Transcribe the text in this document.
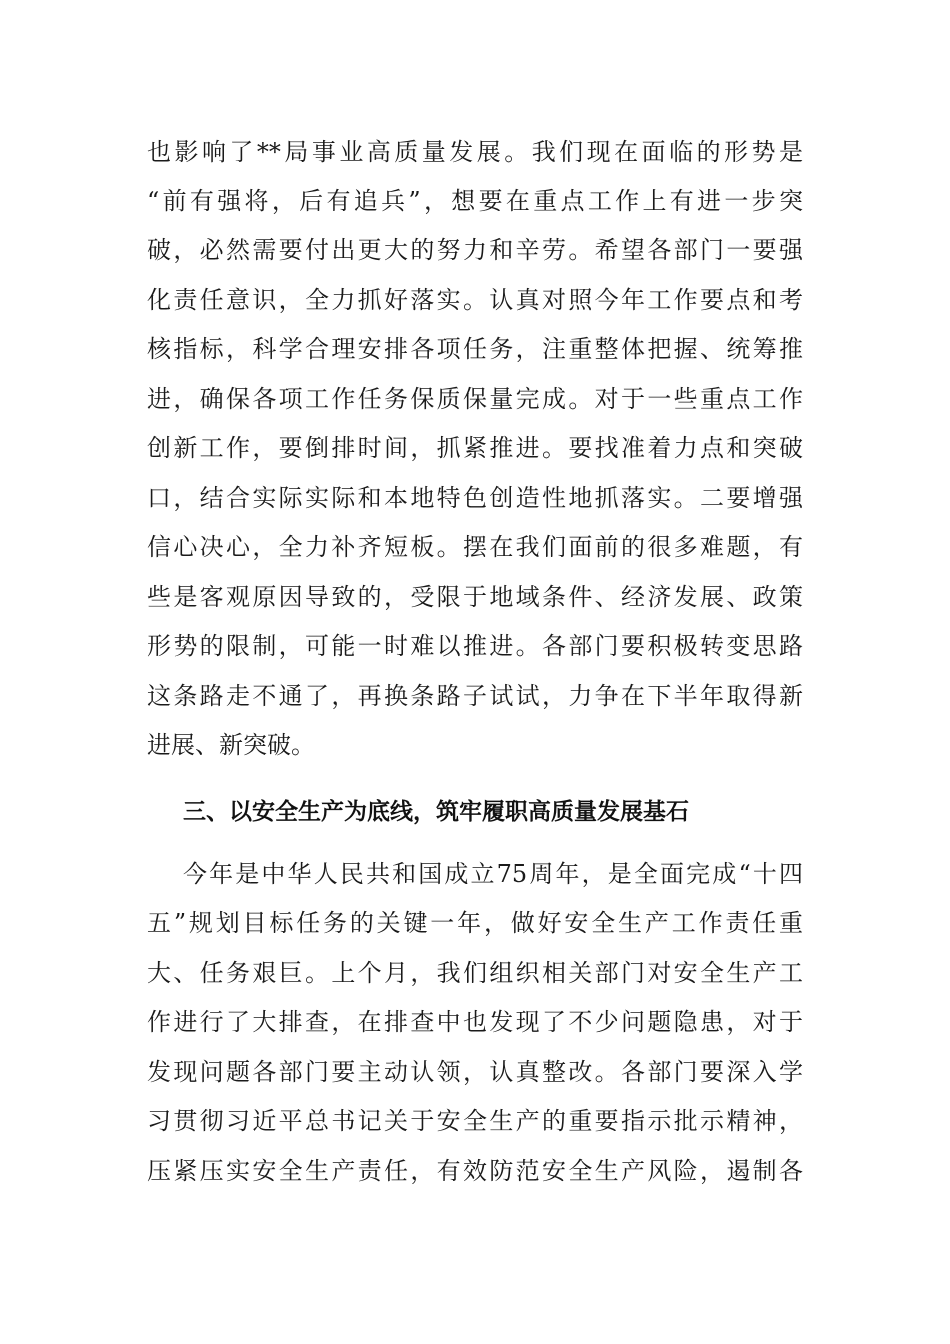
也影响了**局事业高质量发展。我们现在面临的形势是
“前有强将，后有追兵”，想要在重点工作上有进一步突
破，必然需要付出更大的努力和辛劳。希望各部门一要强
化责任意识，全力抓好落实。认真对照今年工作要点和考
核指标，科学合理安排各项任务，注重整体把握、统筹推
进，确保各项工作任务保质保量完成。对于一些重点工作
创新工作，要倒排时间，抓紧推进。要找准着力点和突破
口，结合实际实际和本地特色创造性地抓落实。二要增强
信心决心，全力补齐短板。摆在我们面前的很多难题，有
些是客观原因导致的，受限于地域条件、经济发展、政策
形势的限制，可能一时难以推进。各部门要积极转变思路
这条路走不通了，再换条路子试试，力争在下半年取得新
进展、新突破。
三、以安全生产为底线，筑牢履职高质量发展基石
今年是中华人民共和国成立75周年，是全面完成“十四
五”规划目标任务的关键一年，做好安全生产工作责任重
大、任务艰巨。上个月，我们组织相关部门对安全生产工
作进行了大排查，在排查中也发现了不少问题隐患，对于
发现问题各部门要主动认领，认真整改。各部门要深入学
习贯彻习近平总书记关于安全生产的重要指示批示精神，
压紧压实安全生产责任，有效防范安全生产风险，遏制各
